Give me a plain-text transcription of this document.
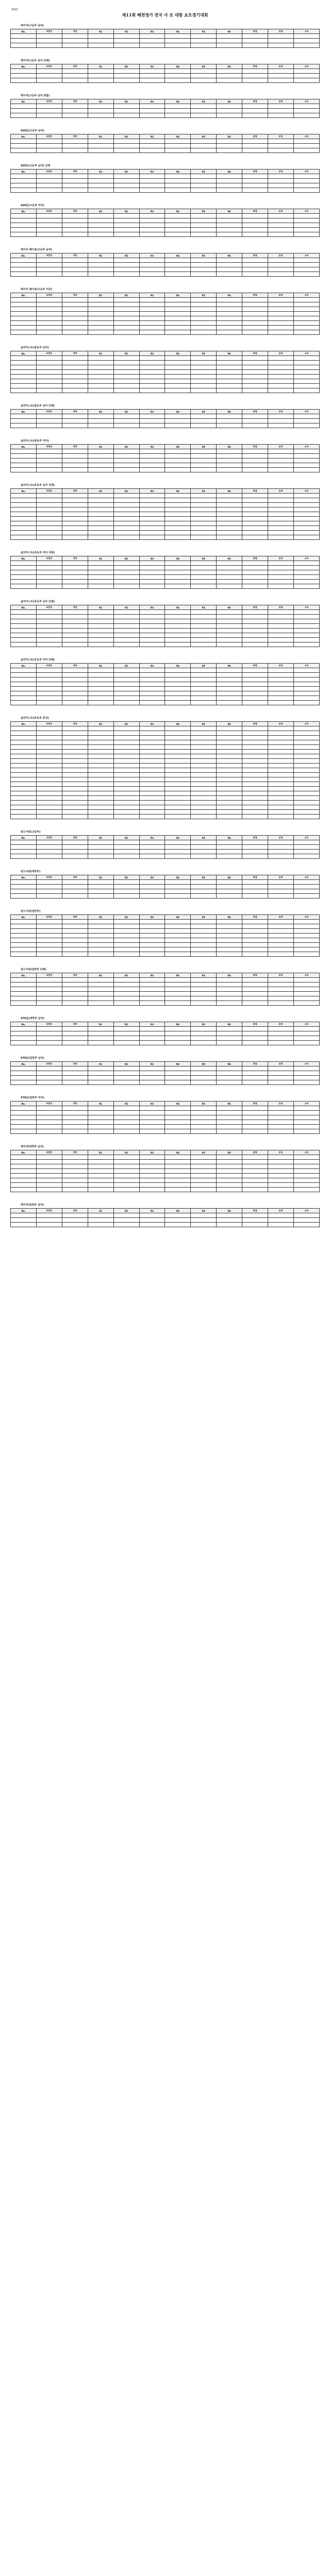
2023
제11회 해천영가 전국 사 조 대항 요트경기대회
레이저(고등부 남자)
No.	국번호	성명	R1	R2	R3	R4	R5	R6	총점	순위	소속

레이저(고등부 남자 단체)
No.	국번호	성명	R1	R2	R3	R4	R5	R6	총점	순위	소속

레이저(고등부 남자 종합)
No.	국번호	성명	R1	R2	R3	R4	R5	R6	총점	순위	소속

420급(고등부 남자)
No.	국번호	성명	R1	R2	R3	R4	R5	R6	총점	순위	소속

420급(고등부 남자) 단체
No.	국번호	성명	R1	R2	R3	R4	R5	R6	총점	순위	소속

420급(고등부 여자)
No.	국번호	성명	R1	R2	R3	R4	R5	R6	총점	순위	소속

레이저 래디얼(고등부 남자)
No.	국번호	성명	R1	R2	R3	R4	R5	R6	총점	순위	소속

레이저 래디얼(고등부 여자)
No.	국번호	성명	R1	R2	R3	R4	R5	R6	총점	순위	소속

옵티미스트(중등부 남자)
No.	국번호	성명	R1	R2	R3	R4	R5	R6	총점	순위	소속

옵티미스트(중등부 남자 단체)
No.	국번호	성명	R1	R2	R3	R4	R5	R6	총점	순위	소속

옵티미스트(중등부 여자)
No.	국번호	성명	R1	R2	R3	R4	R5	R6	총점	순위	소속

옵티미스트(초등부 남자 국제)
No.	국번호	성명	R1	R2	R3	R4	R5	R6	총점	순위	소속

옵티미스트(초등부 여자 국제)
No.	국번호	성명	R1	R2	R3	R4	R5	R6	총점	순위	소속

옵티미스트(초등부 남자 단체)
No.	국번호	성명	R1	R2	R3	R4	R5	R6	총점	순위	소속

옵티미스트(초등부 여자 단체)
No.	국번호	성명	R1	R2	R3	R4	R5	R6	총점	순위	소속

옵티미스트(초등부 혼성)
No.	국번호	성명	R1	R2	R3	R4	R5	R6	총점	순위	소속

윈드서핑(고등부)
No.	국번호	성명	R1	R2	R3	R4	R5	R6	총점	순위	소속

윈드서핑(대학부)
No.	국번호	성명	R1	R2	R3	R4	R5	R6	총점	순위	소속

윈드서핑(일반부)
No.	국번호	성명	R1	R2	R3	R4	R5	R6	총점	순위	소속

윈드서핑(일반부 단체)
No.	국번호	성명	R1	R2	R3	R4	R5	R6	총점	순위	소속

470급(대학부 남자)
No.	국번호	성명	R1	R2	R3	R4	R5	R6	총점	순위	소속

470급(일반부 남자)
No.	국번호	성명	R1	R2	R3	R4	R5	R6	총점	순위	소속

470급(일반부 여자)
No.	국번호	성명	R1	R2	R3	R4	R5	R6	총점	순위	소속

레이저(대학부 남자)
No.	국번호	성명	R1	R2	R3	R4	R5	R6	총점	순위	소속

레이저(일반부 남자)
No.	국번호	성명	R1	R2	R3	R4	R5	R6	총점	순위	소속
